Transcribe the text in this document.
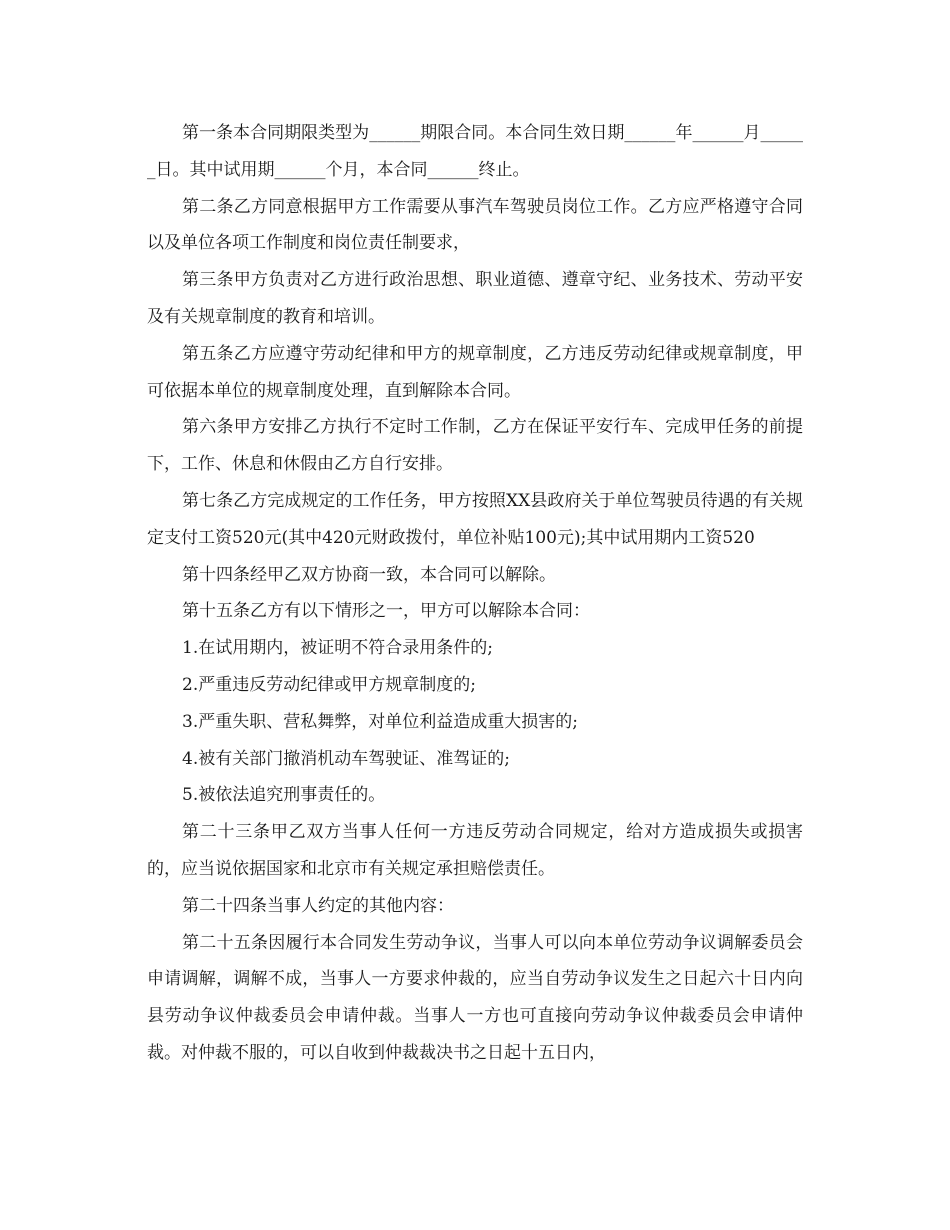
第一条本合同期限类型为______期限合同。本合同生效日期______年______月______日。其中试用期______个月，本合同______终止。

第二条乙方同意根据甲方工作需要从事汽车驾驶员岗位工作。乙方应严格遵守合同以及单位各项工作制度和岗位责任制要求，

第三条甲方负责对乙方进行政治思想、职业道德、遵章守纪、业务技术、劳动平安及有关规章制度的教育和培训。

第五条乙方应遵守劳动纪律和甲方的规章制度，乙方违反劳动纪律或规章制度，甲可依据本单位的规章制度处理，直到解除本合同。

第六条甲方安排乙方执行不定时工作制，乙方在保证平安行车、完成甲任务的前提下，工作、休息和休假由乙方自行安排。

第七条乙方完成规定的工作任务，甲方按照XX县政府关于单位驾驶员待遇的有关规定支付工资520元(其中420元财政拨付，单位补贴100元);其中试用期内工资520

第十四条经甲乙双方协商一致，本合同可以解除。

第十五条乙方有以下情形之一，甲方可以解除本合同：

1.在试用期内，被证明不符合录用条件的;

2.严重违反劳动纪律或甲方规章制度的;

3.严重失职、营私舞弊，对单位利益造成重大损害的;

4.被有关部门撤消机动车驾驶证、准驾证的;

5.被依法追究刑事责任的。

第二十三条甲乙双方当事人任何一方违反劳动合同规定，给对方造成损失或损害的，应当说依据国家和北京市有关规定承担赔偿责任。

第二十四条当事人约定的其他内容：

第二十五条因履行本合同发生劳动争议，当事人可以向本单位劳动争议调解委员会申请调解，调解不成，当事人一方要求仲裁的，应当自劳动争议发生之日起六十日内向县劳动争议仲裁委员会申请仲裁。当事人一方也可直接向劳动争议仲裁委员会申请仲裁。对仲裁不服的，可以自收到仲裁裁决书之日起十五日内，
